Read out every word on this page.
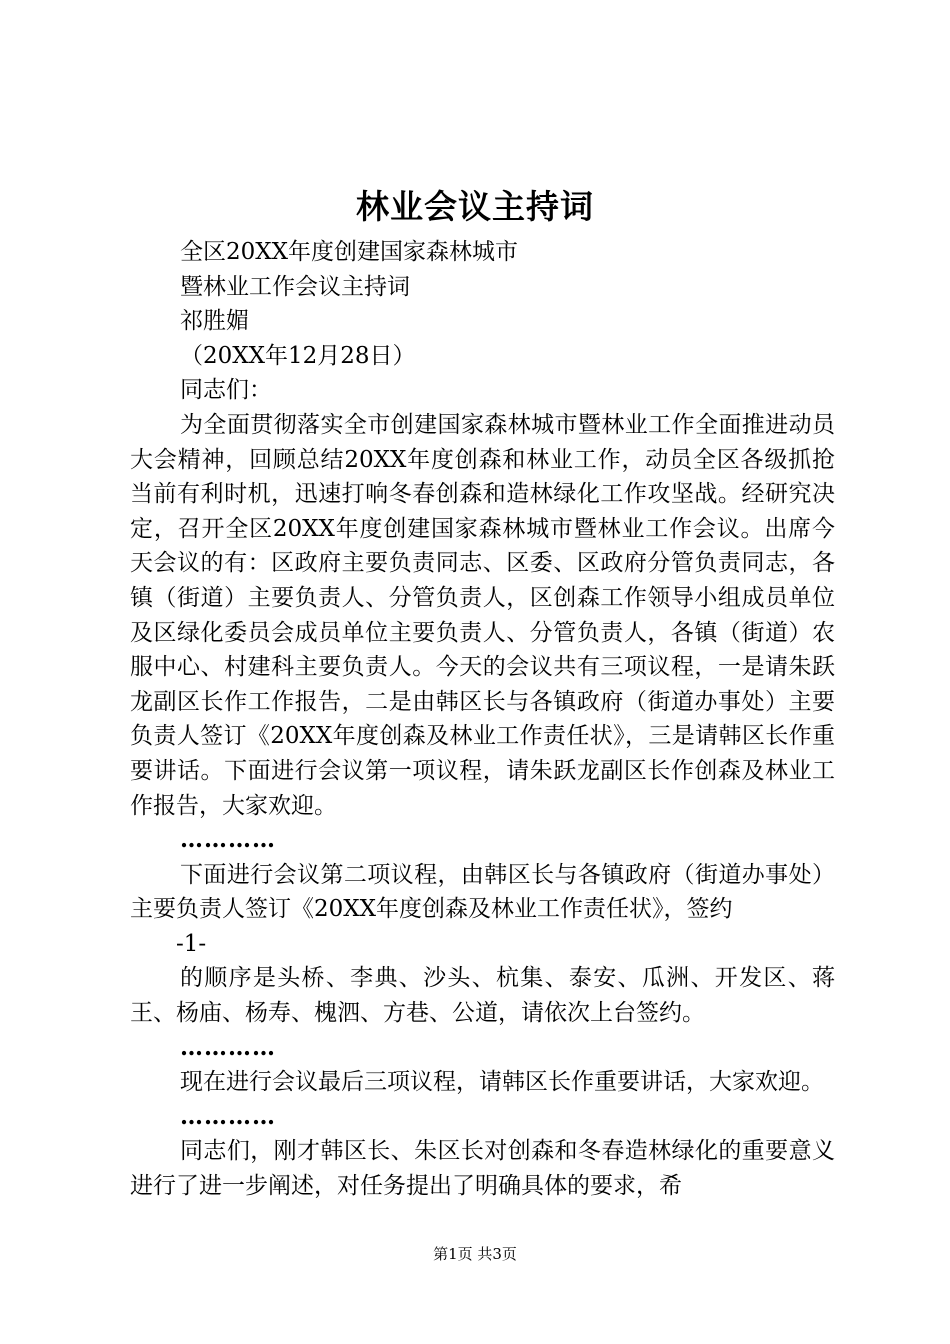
林业会议主持词
全区20XX年度创建国家森林城市
暨林业工作会议主持词
祁胜媚
（20XX年12月28日）
同志们：
为全面贯彻落实全市创建国家森林城市暨林业工作全面推进动员大会精神，回顾总结20XX年度创森和林业工作，动员全区各级抓抢当前有利时机，迅速打响冬春创森和造林绿化工作攻坚战。经研究决定，召开全区20XX年度创建国家森林城市暨林业工作会议。出席今天会议的有：区政府主要负责同志、区委、区政府分管负责同志，各镇（街道）主要负责人、分管负责人，区创森工作领导小组成员单位及区绿化委员会成员单位主要负责人、分管负责人，各镇（街道）农服中心、村建科主要负责人。今天的会议共有三项议程，一是请朱跃龙副区长作工作报告，二是由韩区长与各镇政府（街道办事处）主要负责人签订《20XX年度创森及林业工作责任状》，三是请韩区长作重要讲话。下面进行会议第一项议程，请朱跃龙副区长作创森及林业工作报告，大家欢迎。
…………
下面进行会议第二项议程，由韩区长与各镇政府（街道办事处）主要负责人签订《20XX年度创森及林业工作责任状》，签约
-1-
的顺序是头桥、李典、沙头、杭集、泰安、瓜洲、开发区、蒋王、杨庙、杨寿、槐泗、方巷、公道，请依次上台签约。
…………
现在进行会议最后三项议程，请韩区长作重要讲话，大家欢迎。
…………
同志们，刚才韩区长、朱区长对创森和冬春造林绿化的重要意义进行了进一步阐述，对任务提出了明确具体的要求，希
第1页 共3页
